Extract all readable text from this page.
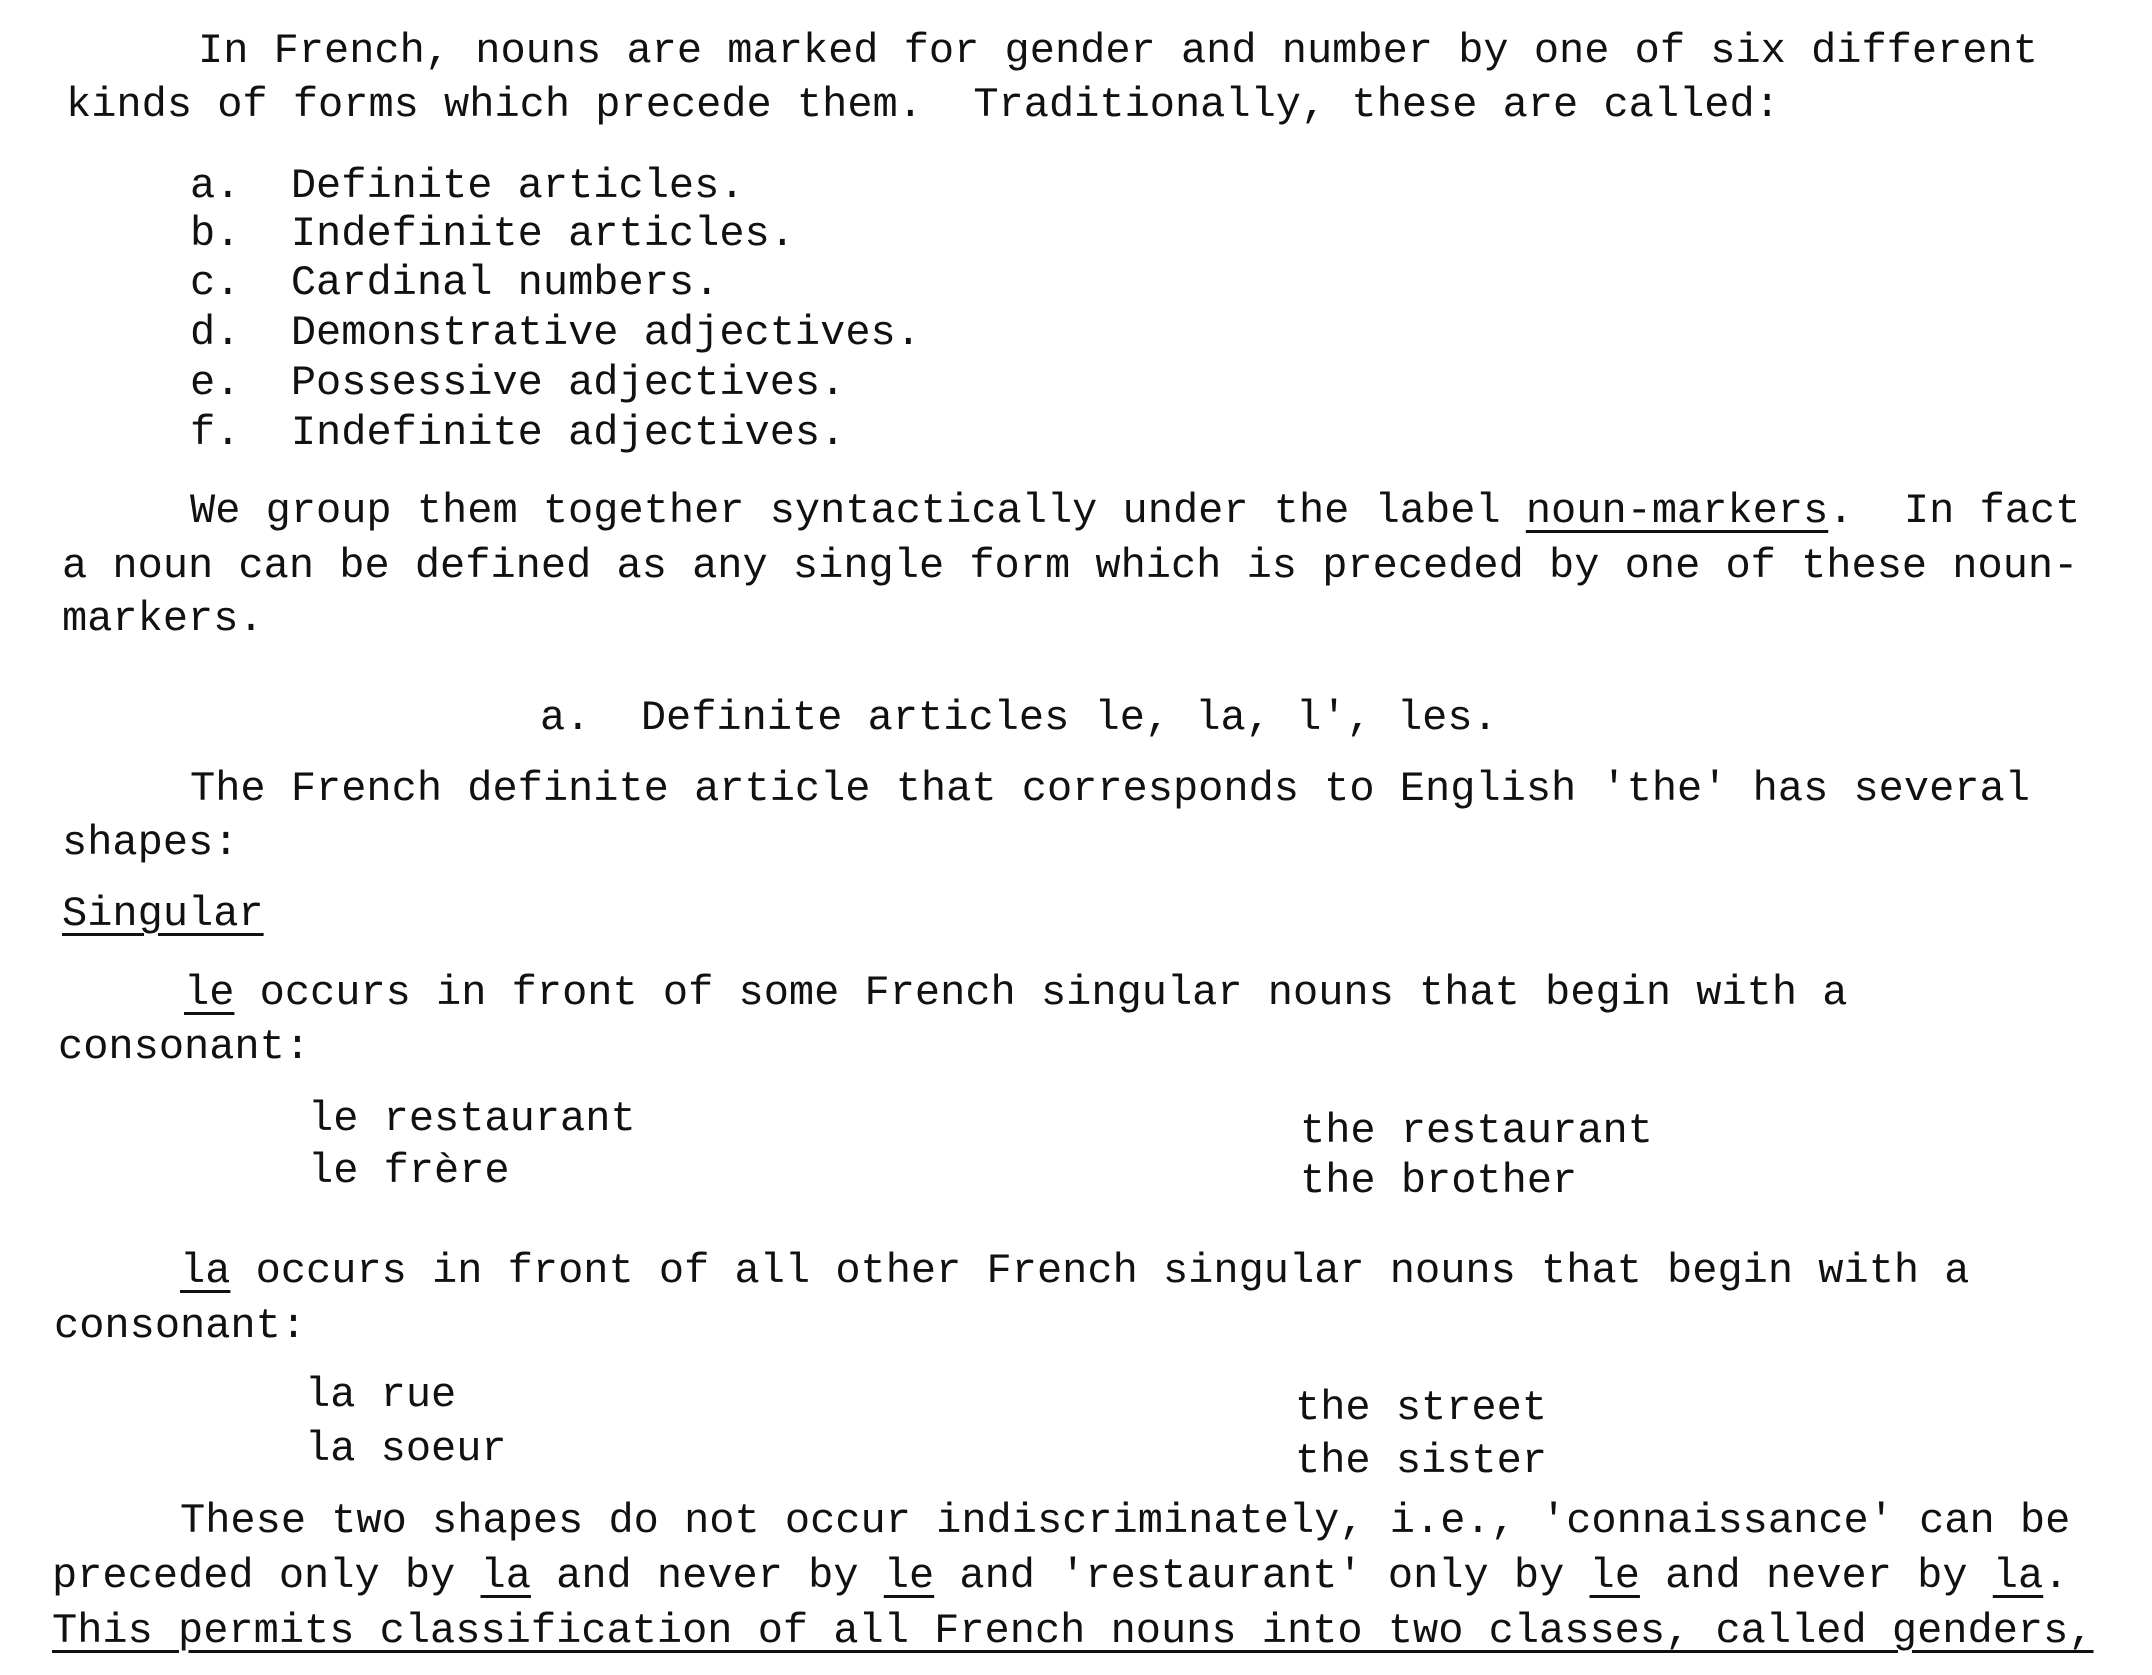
In French, nouns are marked for gender and number by one of six different
kinds of forms which precede them.  Traditionally, these are called:
a. Definite articles.
b. Indefinite articles.
c. Cardinal numbers.
d. Demonstrative adjectives.
e. Possessive adjectives.
f. Indefinite adjectives.
We group them together syntactically under the label noun-markers.  In fact
a noun can be defined as any single form which is preceded by one of these noun-
markers.
a.  Definite articles le, la, l', les.
The French definite article that corresponds to English 'the' has several
shapes:
Singular
le occurs in front of some French singular nouns that begin with a
consonant:
le restaurant	the restaurant
le frère	the brother
la occurs in front of all other French singular nouns that begin with a
consonant:
la rue	the street
la soeur	the sister
These two shapes do not occur indiscriminately, i.e., 'connaissance' can be
preceded only by la and never by le and 'restaurant' only by le and never by la.
This permits classification of all French nouns into two classes, called genders,
